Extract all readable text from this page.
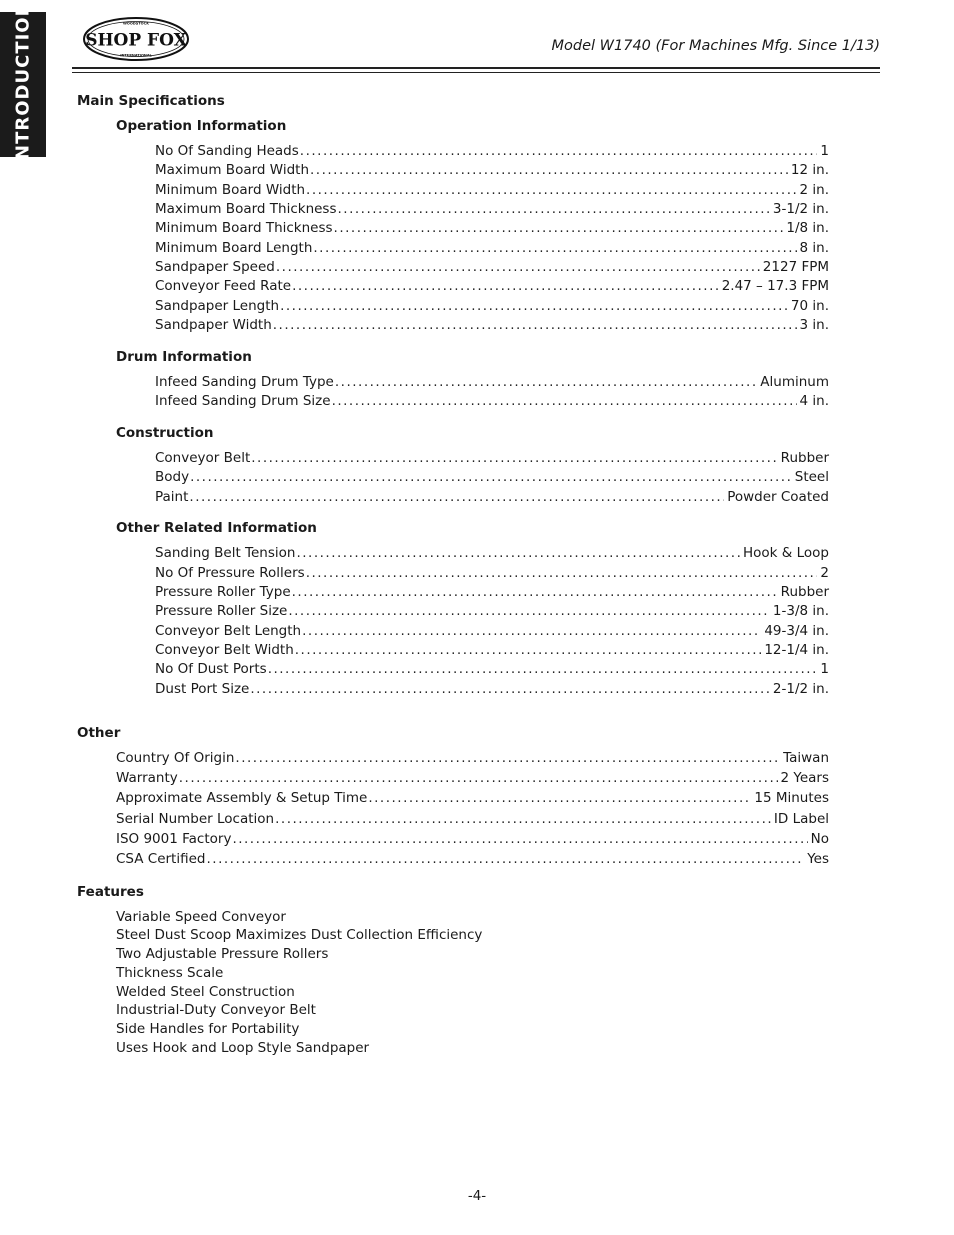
INTRODUCTION	SHOP FOX
WOODSTOCK
INTERNATIONAL
Model W1740 (For Machines Mfg. Since 1/13)
Main Specifications
Operation Information
No Of Sanding Heads .....	1
Maximum Board Width .....	12 in.
Minimum Board Width .....	2 in.
Maximum Board Thickness .....	3-1/2 in.
Minimum Board Thickness .....	1/8 in.
Minimum Board Length .....	8 in.
Sandpaper Speed .....	2127 FPM
Conveyor Feed Rate .....	2.47 – 17.3 FPM
Sandpaper Length .....	70 in.
Sandpaper Width .....	3 in.
Drum Information
Infeed Sanding Drum Type .....	Aluminum
Infeed Sanding Drum Size .....	4 in.
Construction
Conveyor Belt .....	Rubber
Body .....	Steel
Paint .....	Powder Coated
Other Related Information
Sanding Belt Tension .....	Hook & Loop
No Of Pressure Rollers .....	2
Pressure Roller Type .....	Rubber
Pressure Roller Size .....	1-3/8 in.
Conveyor Belt Length .....	49-3/4 in.
Conveyor Belt Width .....	12-1/4 in.
No Of Dust Ports .....	1
Dust Port Size .....	2-1/2 in.
Other
Country Of Origin .....	Taiwan
Warranty .....	2 Years
Approximate Assembly & Setup Time .....	15 Minutes
Serial Number Location .....	ID Label
ISO 9001 Factory .....	No
CSA Certified .....	Yes
Features
Variable Speed Conveyor
Steel Dust Scoop Maximizes Dust Collection Efficiency
Two Adjustable Pressure Rollers
Thickness Scale
Welded Steel Construction
Industrial-Duty Conveyor Belt
Side Handles for Portability
Uses Hook and Loop Style Sandpaper
-4-
